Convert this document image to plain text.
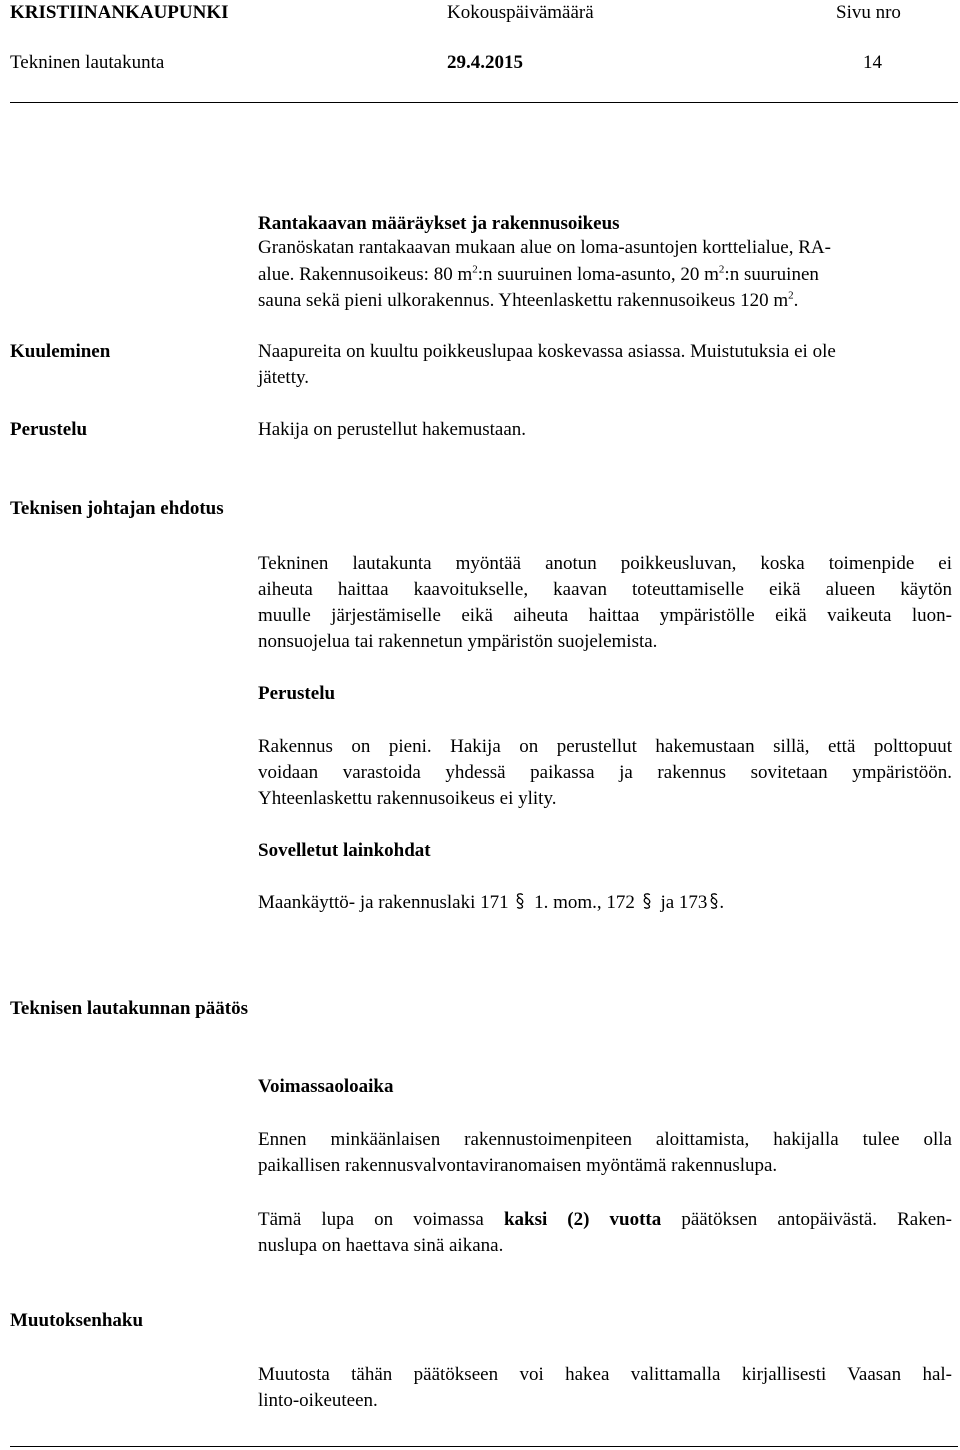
KRISTIINANKAUPUNKI	Kokouspäivämäärä	Sivu nro
Tekninen lautakunta	29.4.2015	14
Rantakaavan määräykset ja rakennusoikeus
Granöskatan rantakaavan mukaan alue on loma-asuntojen korttelialue, RA-
alue. Rakennusoikeus: 80 $m^2:n$ suuruinen loma-asunto, 20 $m^2:n$ suuruinen
sauna sekä pieni ulkorakennus. Yhteenlaskettu rakennusoikeus 120 $m^2$.
Kuuleminen	Naapureita on kuultu poikkeuslupaa koskevassa asiassa. Muistutuksia ei ole
jätetty.
Perustelu	Hakija on perustellut hakemustaan.
Teknisen johtajan ehdotus
Tekninen lautakunta myöntää anotun poikkeusluvan, koska toimenpide ei
aiheuta haittaa kaavoitukselle, kaavan toteuttamiselle eikä alueen käytön
muulle järjestämiselle eikä aiheuta haittaa ympäristölle eikä vaikeuta luon-
nonsuojelua tai rakennetun ympäristön suojelemista.
Perustelu
Rakennus on pieni. Hakija on perustellut hakemustaan sillä, että polttopuut
voidaan varastoida yhdessä paikassa ja rakennus sovitetaan ympäristöön.
Yhteenlaskettu rakennusoikeus ei ylity.
Sovelletut lainkohdat
Maankäyttö- ja rakennuslaki 171 1. mom., 172 ja 173 .
Teknisen lautakunnan päätös
Voimassaoloaika
Ennen minkäänlaisen rakennustoimenpiteen aloittamista, hakijalla tulee olla
paikallisen rakennusvalvontaviranomaisen myöntämä rakennuslupa.
Tämä lupa on voimassa kaksi (2) vuotta päätöksen antopäivästä. Raken-
nuslupa on haettava sinä aikana.
Muutoksenhaku
Muutosta tähän päätökseen voi hakea valittamalla kirjallisesti Vaasan hal-
linto-oikeuteen.
